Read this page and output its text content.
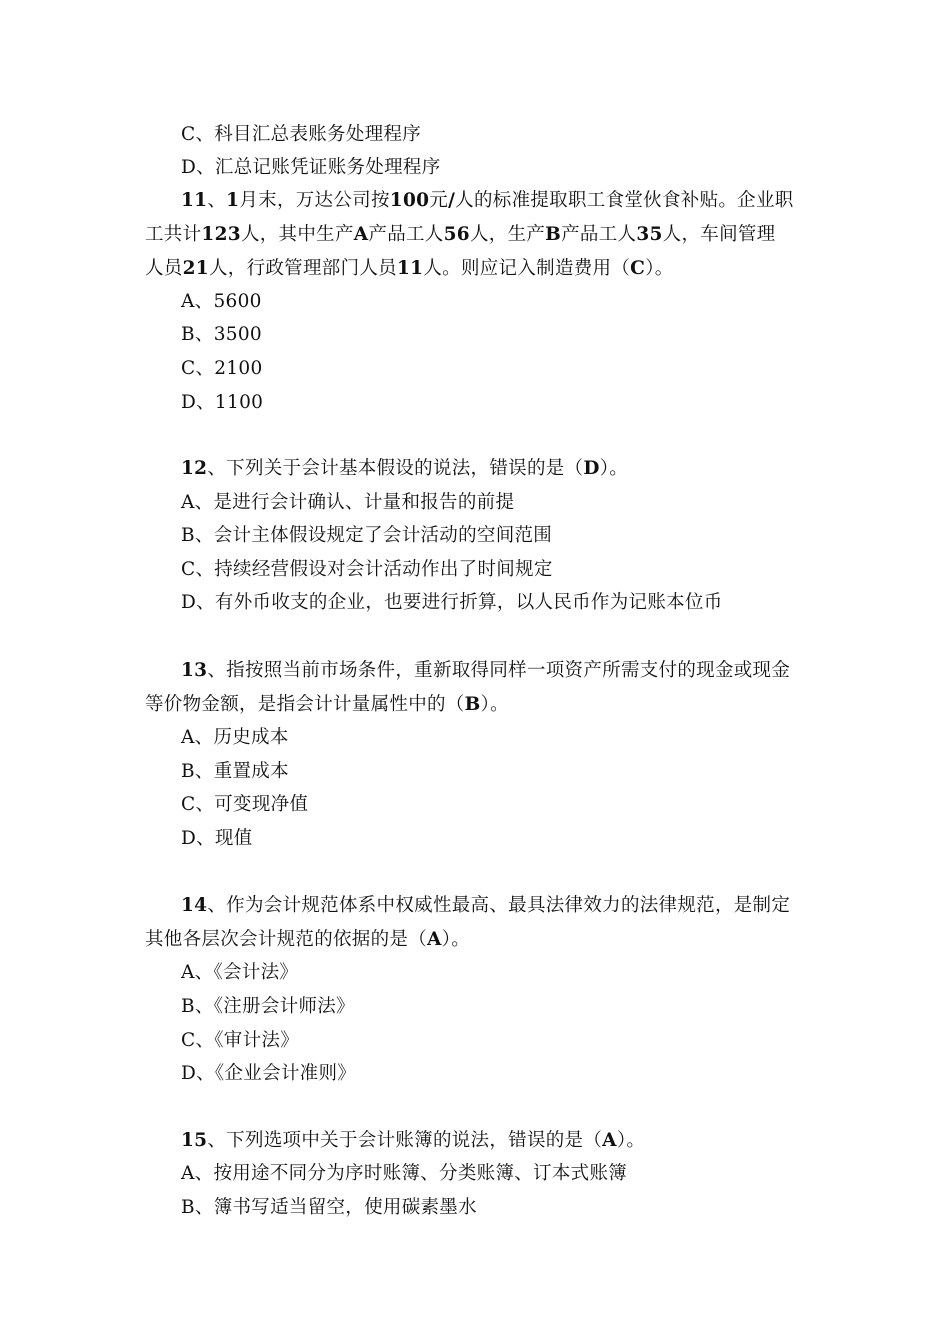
C、科目汇总表账务处理程序
D、汇总记账凭证账务处理程序
11、1月末，万达公司按100元/人的标准提取职工食堂伙食补贴。企业职
工共计123人，其中生产A产品工人56人，生产B产品工人35人，车间管理
人员21人，行政管理部门人员11人。则应记入制造费用（C）。
A、5600
B、3500
C、2100
D、1100
12、下列关于会计基本假设的说法，错误的是（D）。
A、是进行会计确认、计量和报告的前提
B、会计主体假设规定了会计活动的空间范围
C、持续经营假设对会计活动作出了时间规定
D、有外币收支的企业，也要进行折算，以人民币作为记账本位币
13、指按照当前市场条件，重新取得同样一项资产所需支付的现金或现金
等价物金额，是指会计计量属性中的（B）。
A、历史成本
B、重置成本
C、可变现净值
D、现值
14、作为会计规范体系中权威性最高、最具法律效力的法律规范，是制定
其他各层次会计规范的依据的是（A）。
A、《会计法》
B、《注册会计师法》
C、《审计法》
D、《企业会计准则》
15、下列选项中关于会计账簿的说法，错误的是（A）。
A、按用途不同分为序时账簿、分类账簿、订本式账簿
B、簿书写适当留空，使用碳素墨水
